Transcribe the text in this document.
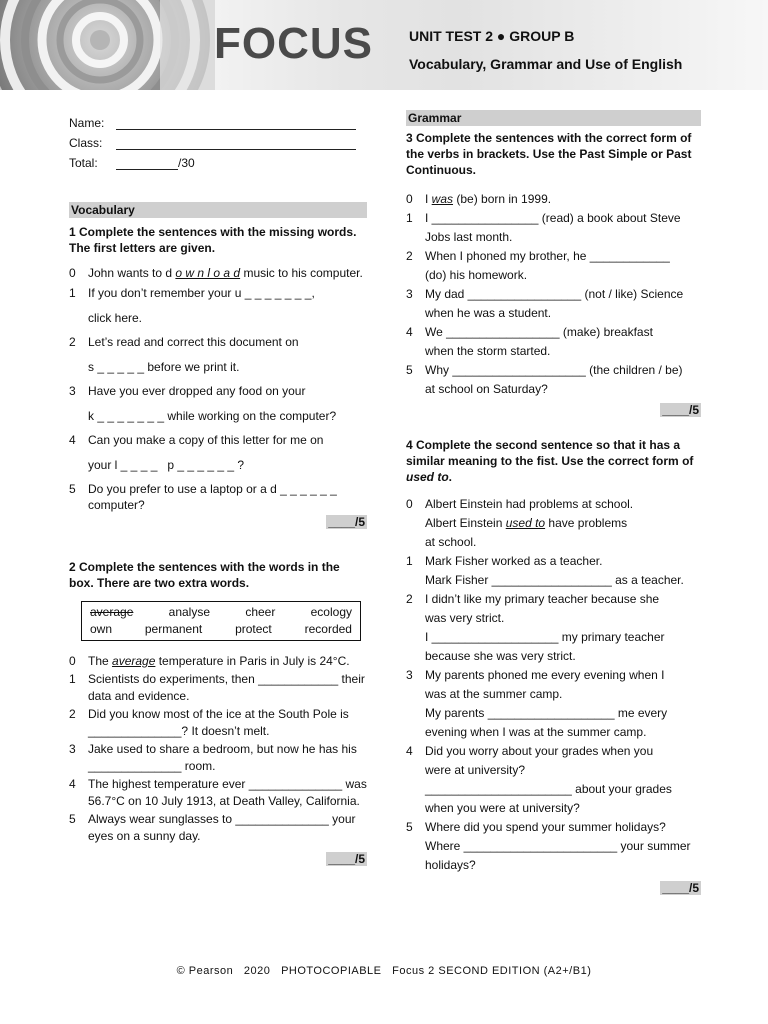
FOCUS	UNIT TEST 2 ● GROUP B
Vocabulary, Grammar and Use of English
Name:
Class:
Total:	/30
Vocabulary
1 Complete the sentences with the missing words. The first letters are given.
0	John wants to d o w n l o a d music to his computer.
1	If you don’t remember your u _ _ _ _ _ _ _,
click here.
2	Let’s read and correct this document on
s _ _ _ _ _ before we print it.
3	Have you ever dropped any food on your
k _ _ _ _ _ _ _ while working on the computer?
4	Can you make a copy of this letter for me on
your l _ _ _ _   p _ _ _ _ _ _ ?
5	Do you prefer to use a laptop or a d _ _ _ _ _ _ computer?
____/5
2 Complete the sentences with the words in the box. There are two extra words.
average	analyse	cheer	ecology
own	permanent	protect	recorded
0	The average temperature in Paris in July is 24°C.
1	Scientists do experiments, then ____________ their data and evidence.
2	Did you know most of the ice at the South Pole is ______________? It doesn’t melt.
3	Jake used to share a bedroom, but now he has his ______________ room.
4	The highest temperature ever ______________ was 56.7°C on 10 July 1913, at Death Valley, California.
5	Always wear sunglasses to ______________ your eyes on a sunny day.
____/5
Grammar
3 Complete the sentences with the correct form of the verbs in brackets. Use the Past Simple or Past Continuous.
0	I was (be) born in 1999.
1	I ________________ (read) a book about Steve
Jobs last month.
2	When I phoned my brother, he ____________
(do) his homework.
3	My dad _________________ (not / like) Science
when he was a student.
4	We _________________ (make) breakfast
when the storm started.
5	Why ____________________ (the children / be)
at school on Saturday?
____/5
4 Complete the second sentence so that it has a similar meaning to the fist. Use the correct form of used to.
0	Albert Einstein had problems at school.
Albert Einstein used to have problems
at school.
1	Mark Fisher worked as a teacher.
Mark Fisher __________________ as a teacher.
2	I didn’t like my primary teacher because she
was very strict.
I ___________________ my primary teacher
because she was very strict.
3	My parents phoned me every evening when I
was at the summer camp.
My parents ___________________ me every
evening when I was at the summer camp.
4	Did you worry about your grades when you
were at university?
______________________ about your grades
when you were at university?
5	Where did you spend your summer holidays?
Where _______________________ your summer
holidays?
____/5
© Pearson   2020   PHOTOCOPIABLE   Focus 2 SECOND EDITION (A2+/B1)
